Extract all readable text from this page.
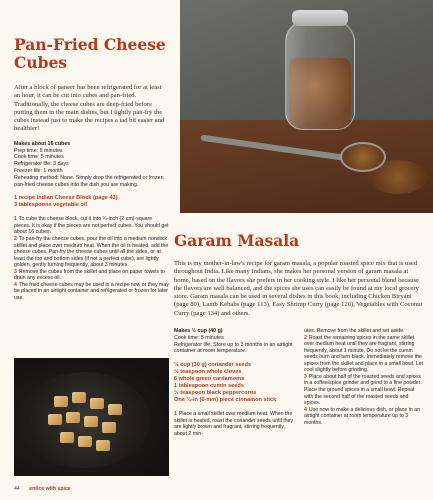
Pan-Fried Cheese Cubes

After a block of paneer has been refrigerated for at least an hour, it can be cut into cubes and pan-fried. Traditionally, the cheese cubes are deep-fried before putting them in the main dishes, but I lightly pan-fry the cubes instead just to make the recipes a tad bit easier and healthier!

Makes about 16 cubes
Prep time: 5 minutes
Cook time: 5 minutes
Refrigerator life: 3 days
Freezer life: 1 month
Reheating method: None. Simply drop the refrigerated or frozen pan-fried cheese cubes into the dish you are making.
1 recipe Indian Cheese Block (page 43)
3 tablespoons vegetable oil
1 To cube the cheese block, cut it into ¾-inch (2-cm)-square pieces. It is okay if the pieces are not perfect cubes. You should get about 16 cubes.
2 To pan-fry the cheese cubes, pour the oil into a medium nonstick skillet and place over medium heat. When the oil is heated, add the cheese cubes. Pan-fry the cheese cubes until all the sides, or at least the top and bottom sides (if not a perfect cube), are lightly golden, gently turning frequently, about 3 minutes.
3 Remove the cubes from the skillet and place on paper towels to drain any excess oil.
4 The fried cheese cubes may be used in a recipe now or they may be placed in an airtight container and refrigerated or frozen for later use.
Garam Masala

This is my mother-in-law's recipe for garam masala, a popular roasted spice mix that is used throughout India. Like many Indians, she makes her personal version of garam masala at home, based on the flavors she prefers in her cooking style. I like her personal blend because the flavors are well balanced, and the spices she uses can easily be found at my local grocery store. Garam masala can be used in several dishes in this book, including Chicken Biryani (page 80), Lamb Kebabs (page 113), Easy Shrimp Curry (page 120), Vegetables with Coconut Curry (page 134) and others.

Makes ½ cup (40 g)
Cook time: 5 minutes
Refrigerator life: Store up to 3 months in an airtight container at room temperature.
½ cup (30 g) coriander seeds
½ teaspoon whole cloves
6 whole green cardamoms
1 tablespoon cumin seeds
½ teaspoon black peppercorns
One ¾-in (6-mm) piece cinnamon stick
1 Place a small skillet over medium heat. When the skillet is heated, roast the coriander seeds until they are lightly brown and fragrant, stirring frequently, about 2 min-
utes. Remove from the skillet and set aside.
2 Roast the remaining spices in the same skillet over medium heat until they are fragrant, stirring frequently, about 1 minute. Do not let the cumin seeds burn and turn black. Immediately remove the spices from the skillet and place in a small bowl. Let cool slightly before grinding.
3 Place about half of the roasted seeds and spices in a coffee/spice grinder and grind to a fine powder. Place the ground spices in a small bowl. Repeat with the second half of the roasted seeds and spices.
4 Use now to make a delicious dish, or place in an airtight container at room temperature up to 3 months.
44 entice with spice
